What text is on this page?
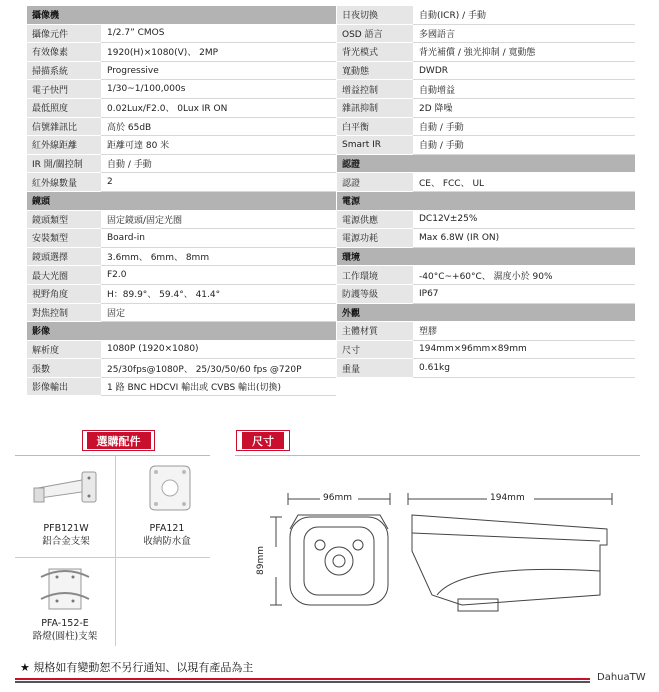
攝像機
攝像元件	1/2.7” CMOS
有效像素	1920(H)×1080(V)、 2MP
掃描系統	Progressive
電子快門	1/30~1/100,000s
最低照度	0.02Lux/F2.0、 0Lux IR ON
信號雜訊比	高於 65dB
紅外線距離	距離可達 80 米
IR 開/關控制	自動 / 手動
紅外線數量	2
鏡頭
鏡頭類型	固定鏡頭/固定光圈
安裝類型	Board-in
鏡頭選擇	3.6mm、 6mm、 8mm
最大光圈	F2.0
視野角度	H：89.9°、 59.4°、 41.4°
對焦控制	固定
影像
解析度	1080P (1920×1080)
張數	25/30fps@1080P、 25/30/50/60 fps @720P
影像輸出	1 路 BNC HDCVI 輸出或 CVBS 輸出(切換)
日夜切換	自動(ICR) / 手動
OSD 語言	多國語言
背光模式	背光補償 / 強光抑制 / 寬動態
寬動態	DWDR
增益控制	自動增益
雜訊抑制	2D 降噪
白平衡	自動 / 手動
Smart IR	自動 / 手動
認證
認證	CE、 FCC、 UL
電源
電源供應	DC12V±25%
電源功耗	Max 6.8W (IR ON)
環境
工作環境	-40°C~+60°C、 濕度小於 90%
防護等級	IP67
外觀
主體材質	塑膠
尺寸	194mm×96mm×89mm
重量	0.61kg
選購配件
PFB121W
鋁合金支架
PFA121
收納防水盒
PFA-152-E
路燈(圓柱)支架
尺寸
96mm	194mm
89mm
★ 規格如有變動恕不另行通知、以現有產品為主
DahuaTW
